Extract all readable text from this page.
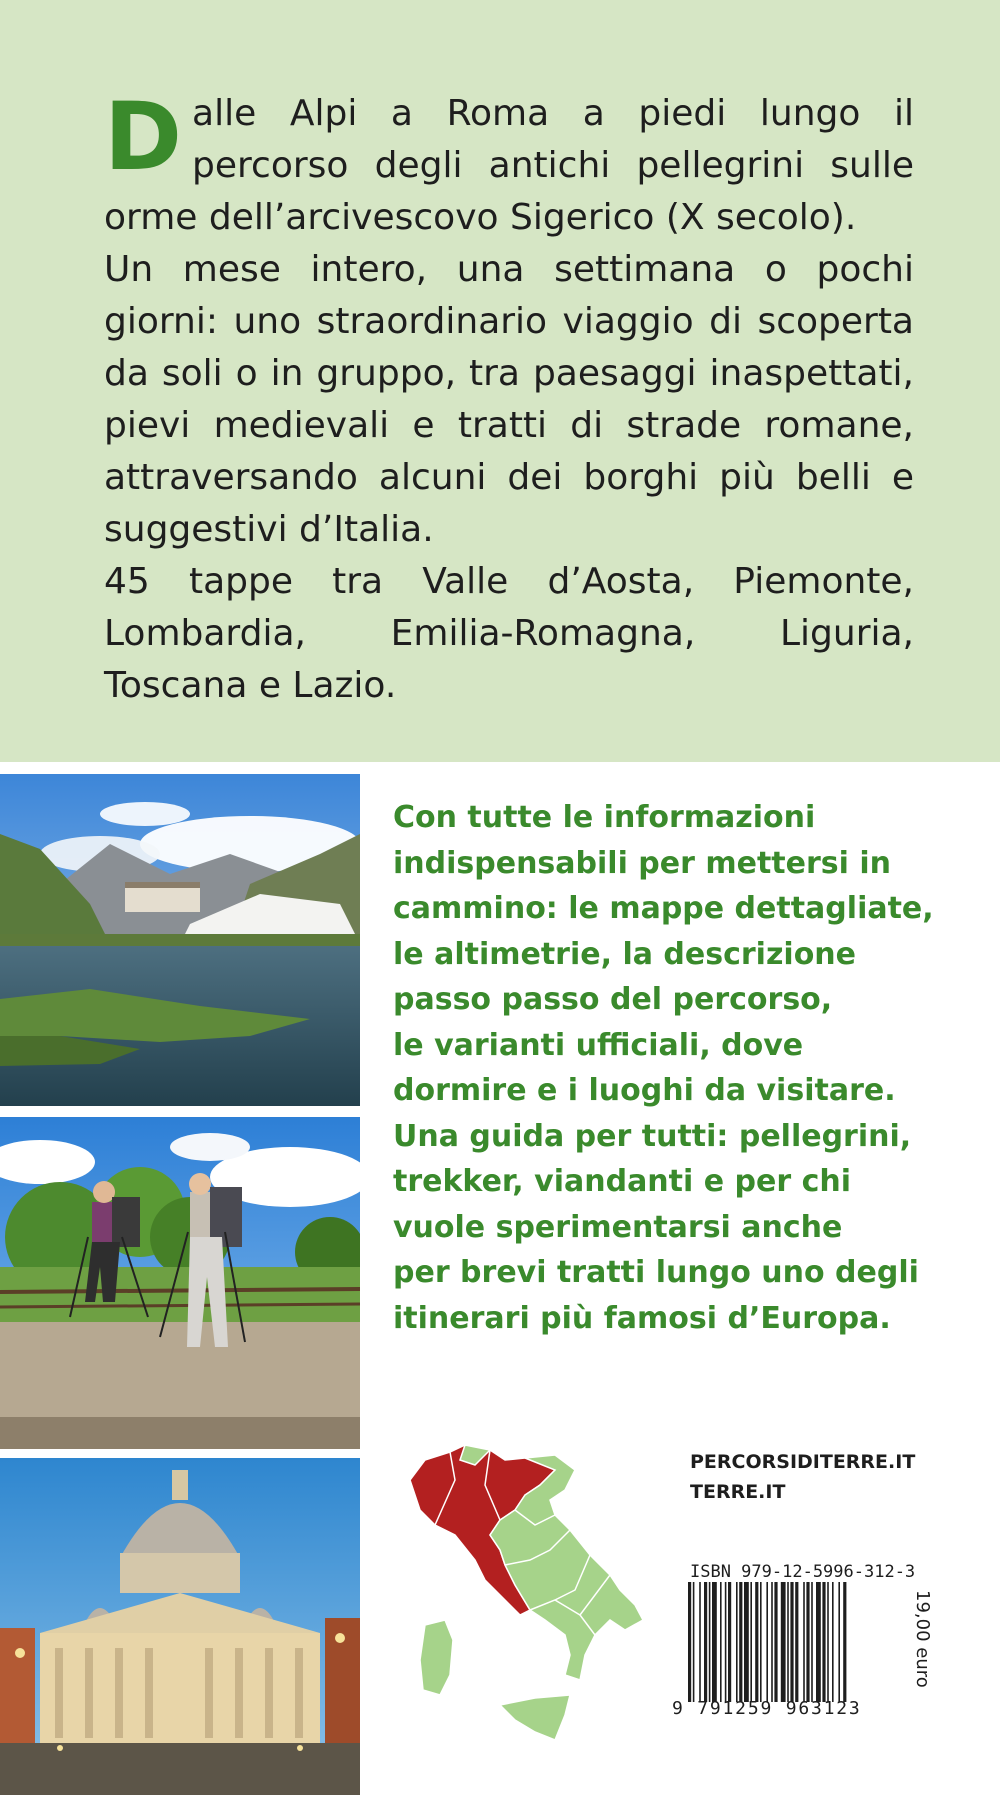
Dalle Alpi a Roma a piedi lungo il percorso degli antichi pellegrini sulle orme dell’arcivescovo Sigerico (X secolo).

Un mese intero, una settimana o pochi giorni: uno straordinario viaggio di scoperta da soli o in gruppo, tra paesaggi inaspettati, pievi medievali e tratti di strade romane, attraversando alcuni dei borghi più belli e suggestivi d’Italia.

45 tappe tra Valle d’Aosta, Piemonte, Lombardia, Emilia-Romagna, Liguria, Toscana e Lazio.

Con tutte le informazioni

indispensabili per mettersi in

cammino: le mappe dettagliate,

le altimetrie, la descrizione

passo passo del percorso,

le varianti ufficiali, dove

dormire e i luoghi da visitare.

Una guida per tutti: pellegrini,

trekker, viandanti e per chi

vuole sperimentarsi anche

per brevi tratti lungo uno degli

itinerari più famosi d’Europa.

PERCORSIDITERRE.IT
TERRE.IT
ISBN 979-12-5996-312-3
9 791259 963123
19,00 euro
